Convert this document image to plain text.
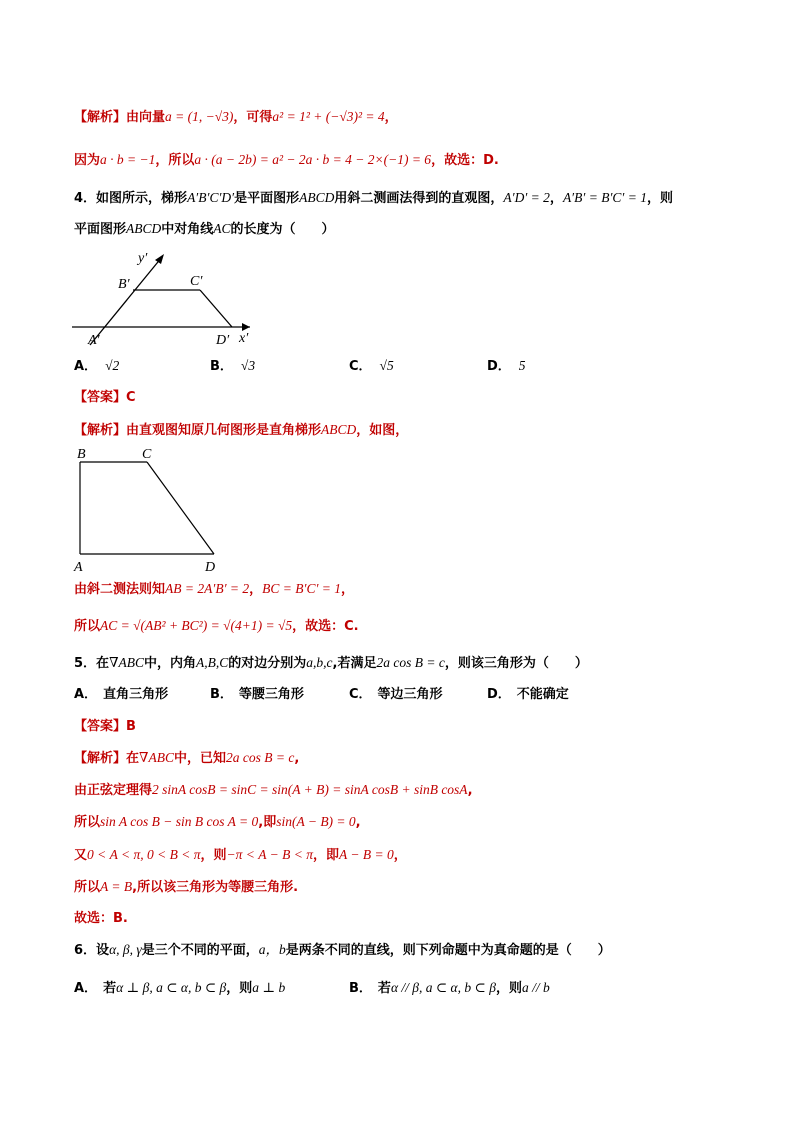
【解析】由向量a = (1, −√3)，可得a² = 1² + (−√3)² = 4，
因为a · b = −1，所以a · (a − 2b) = a² − 2a · b = 4 − 2×(−1) = 6，故选：D.
4．如图所示，梯形A′B′C′D′是平面图形ABCD用斜二测画法得到的直观图，A′D′ = 2，A′B′ = B′C′ = 1，则
平面图形ABCD中对角线AC的长度为（　　）
y′
B′	C′
A′	D′ x′
A． √2	B． √3	C． √5	D． 5
【答案】C
【解析】由直观图知原几何图形是直角梯形ABCD，如图，
B	C
A	D
由斜二测法则知AB = 2A′B′ = 2，BC = B′C′ = 1，
所以AC = √(AB² + BC²) = √(4+1) = √5，故选：C.
5．在∇ABC中，内角A,B,C的对边分别为a,b,c,若满足2a cos B = c，则该三角形为（　　）
A． 直角三角形	B． 等腰三角形	C． 等边三角形	D． 不能确定
【答案】B
【解析】在∇ABC中，已知2a cos B = c,
由正弦定理得2 sinA cosB = sinC = sin(A + B) = sinA cosB + sinB cosA,
所以sin A cos B − sin B cos A = 0,即sin(A − B) = 0,
又0 < A < π, 0 < B < π，则−π < A − B < π，即A − B = 0，
所以A = B,所以该三角形为等腰三角形.
故选：B.
6．设α, β, γ是三个不同的平面，a，b是两条不同的直线，则下列命题中为真命题的是（　　）
A． 若α ⊥ β, a ⊂ α, b ⊂ β，则a ⊥ b	B． 若α // β, a ⊂ α, b ⊂ β，则a // b
